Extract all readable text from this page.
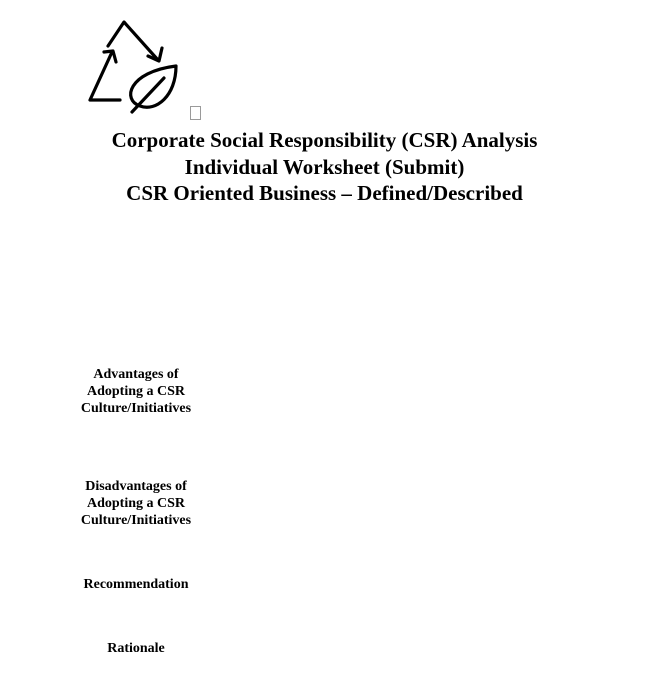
Corporate Social Responsibility (CSR) Analysis
Individual Worksheet (Submit)
CSR Oriented Business – Defined/Described
Advantages of
Adopting a CSR
Culture/Initiatives
Disadvantages of
Adopting a CSR
Culture/Initiatives
Recommendation
Rationale
